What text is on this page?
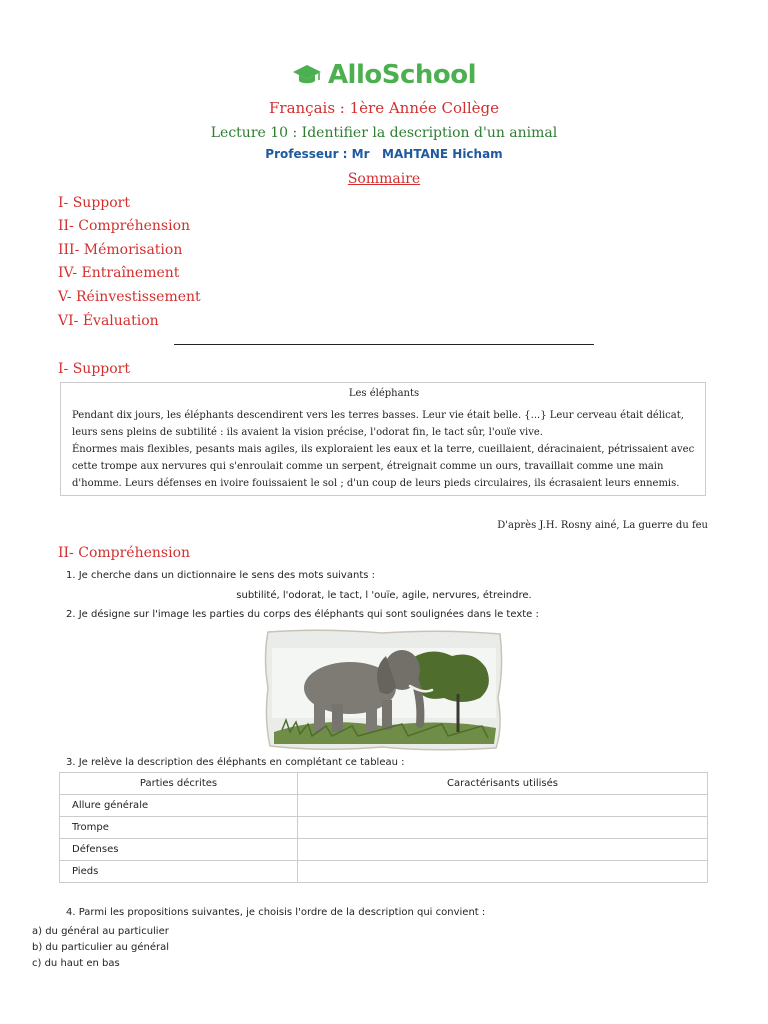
AlloSchool
Français : 1ère Année Collège
Lecture 10 : Identifier la description d'un animal
Professeur : Mr   MAHTANE Hicham
Sommaire
I- Support
II- Compréhension
III- Mémorisation
IV- Entraînement
V- Réinvestissement
VI- Évaluation
I- Support
Les éléphants
Pendant dix jours, les éléphants descendirent vers les terres basses. Leur vie était belle. {...} Leur cerveau était délicat,
leurs sens pleins de subtilité : ils avaient la vision précise, l'odorat fin, le tact sûr, l'ouïe vive.
Énormes mais flexibles, pesants mais agiles, ils exploraient les eaux et la terre, cueillaient, déracinaient, pétrissaient avec
cette trompe aux nervures qui s'enroulait comme un serpent, étreignait comme un ours, travaillait comme une main
d'homme. Leurs défenses en ivoire fouissaient le sol ; d'un coup de leurs pieds circulaires, ils écrasaient leurs ennemis.
D'après J.H. Rosny ainé, La guerre du feu
II- Compréhension
1. Je cherche dans un dictionnaire le sens des mots suivants :
subtilité, l'odorat, le tact, l 'ouïe, agile, nervures, étreindre.
2. Je désigne sur l'image les parties du corps des éléphants qui sont soulignées dans le texte :
3. Je relève la description des éléphants en complétant ce tableau :
Parties décrites	Caractérisants utilisés
Allure générale	
Trompe	
Défenses	
Pieds	
4. Parmi les propositions suivantes, je choisis l'ordre de la description qui convient :
a) du général au particulier
b) du particulier au général
c) du haut en bas
